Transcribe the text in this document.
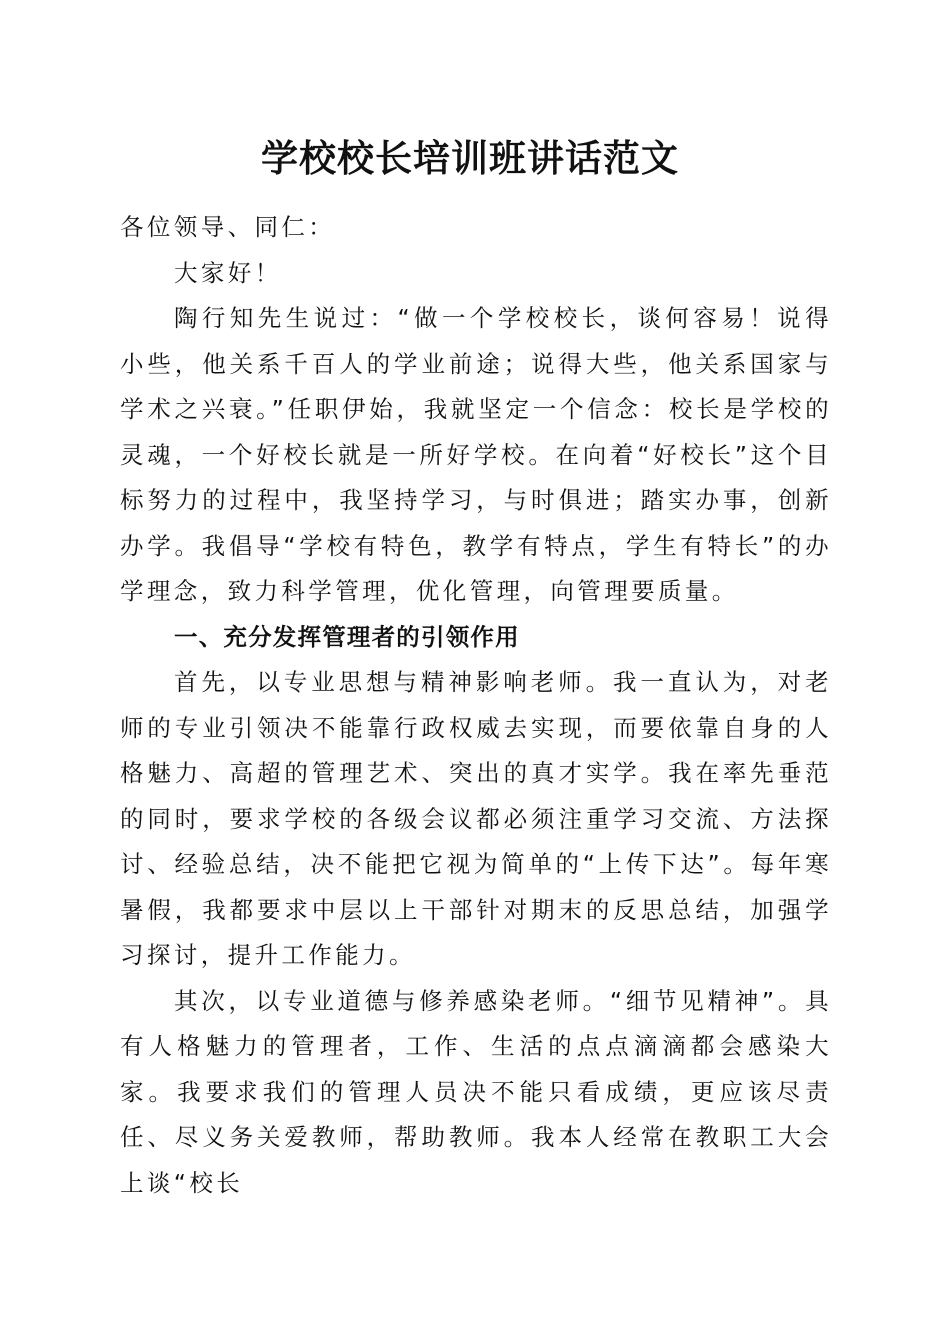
学校校长培训班讲话范文

各位领导、同仁：

大家好！

陶行知先生说过：“做一个学校校长，谈何容易！说得小些，他关系千百人的学业前途；说得大些，他关系国家与学术之兴衰。”任职伊始，我就坚定一个信念：校长是学校的灵魂，一个好校长就是一所好学校。在向着“好校长”这个目标努力的过程中，我坚持学习，与时俱进；踏实办事，创新办学。我倡导“学校有特色，教学有特点，学生有特长”的办学理念，致力科学管理，优化管理，向管理要质量。

一、充分发挥管理者的引领作用

首先，以专业思想与精神影响老师。我一直认为，对老师的专业引领决不能靠行政权威去实现，而要依靠自身的人格魅力、高超的管理艺术、突出的真才实学。我在率先垂范的同时，要求学校的各级会议都必须注重学习交流、方法探讨、经验总结，决不能把它视为简单的“上传下达”。每年寒暑假，我都要求中层以上干部针对期末的反思总结，加强学习探讨，提升工作能力。

其次，以专业道德与修养感染老师。“细节见精神”。具有人格魅力的管理者，工作、生活的点点滴滴都会感染大家。我要求我们的管理人员决不能只看成绩，更应该尽责任、尽义务关爱教师，帮助教师。我本人经常在教职工大会上谈“校长
